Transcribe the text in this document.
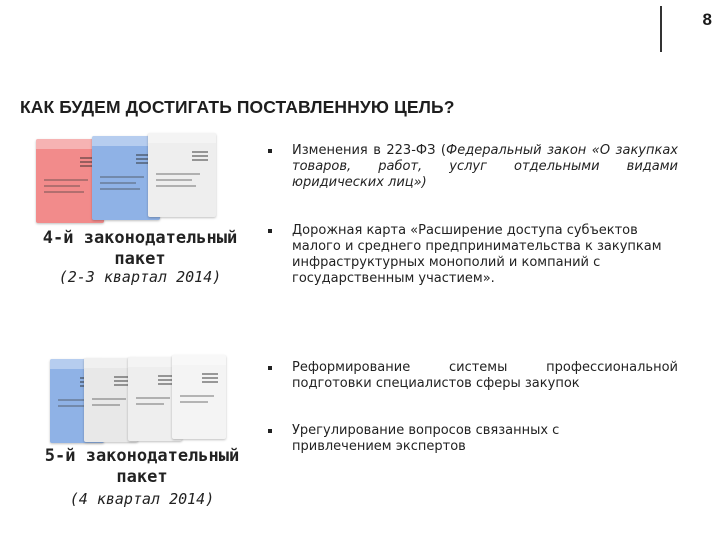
8
КАК БУДЕМ ДОСТИГАТЬ ПОСТАВЛЕННУЮ ЦЕЛЬ?
4-й законодательный
пакет
(2-3 квартал 2014)
5-й законодательный
пакет
(4 квартал 2014)
Изменения в 223-ФЗ (Федеральный закон «О закупках товаров, работ, услуг отдельными видами юридических лиц»)
Дорожная карта «Расширение доступа субъектов малого и среднего предпринимательства к закупкам инфраструктурных монополий и компаний с государственным участием».
Реформирование системы профессиональной подготовки специалистов сферы закупок
Урегулирование вопросов связанных с привлечением экспертов
